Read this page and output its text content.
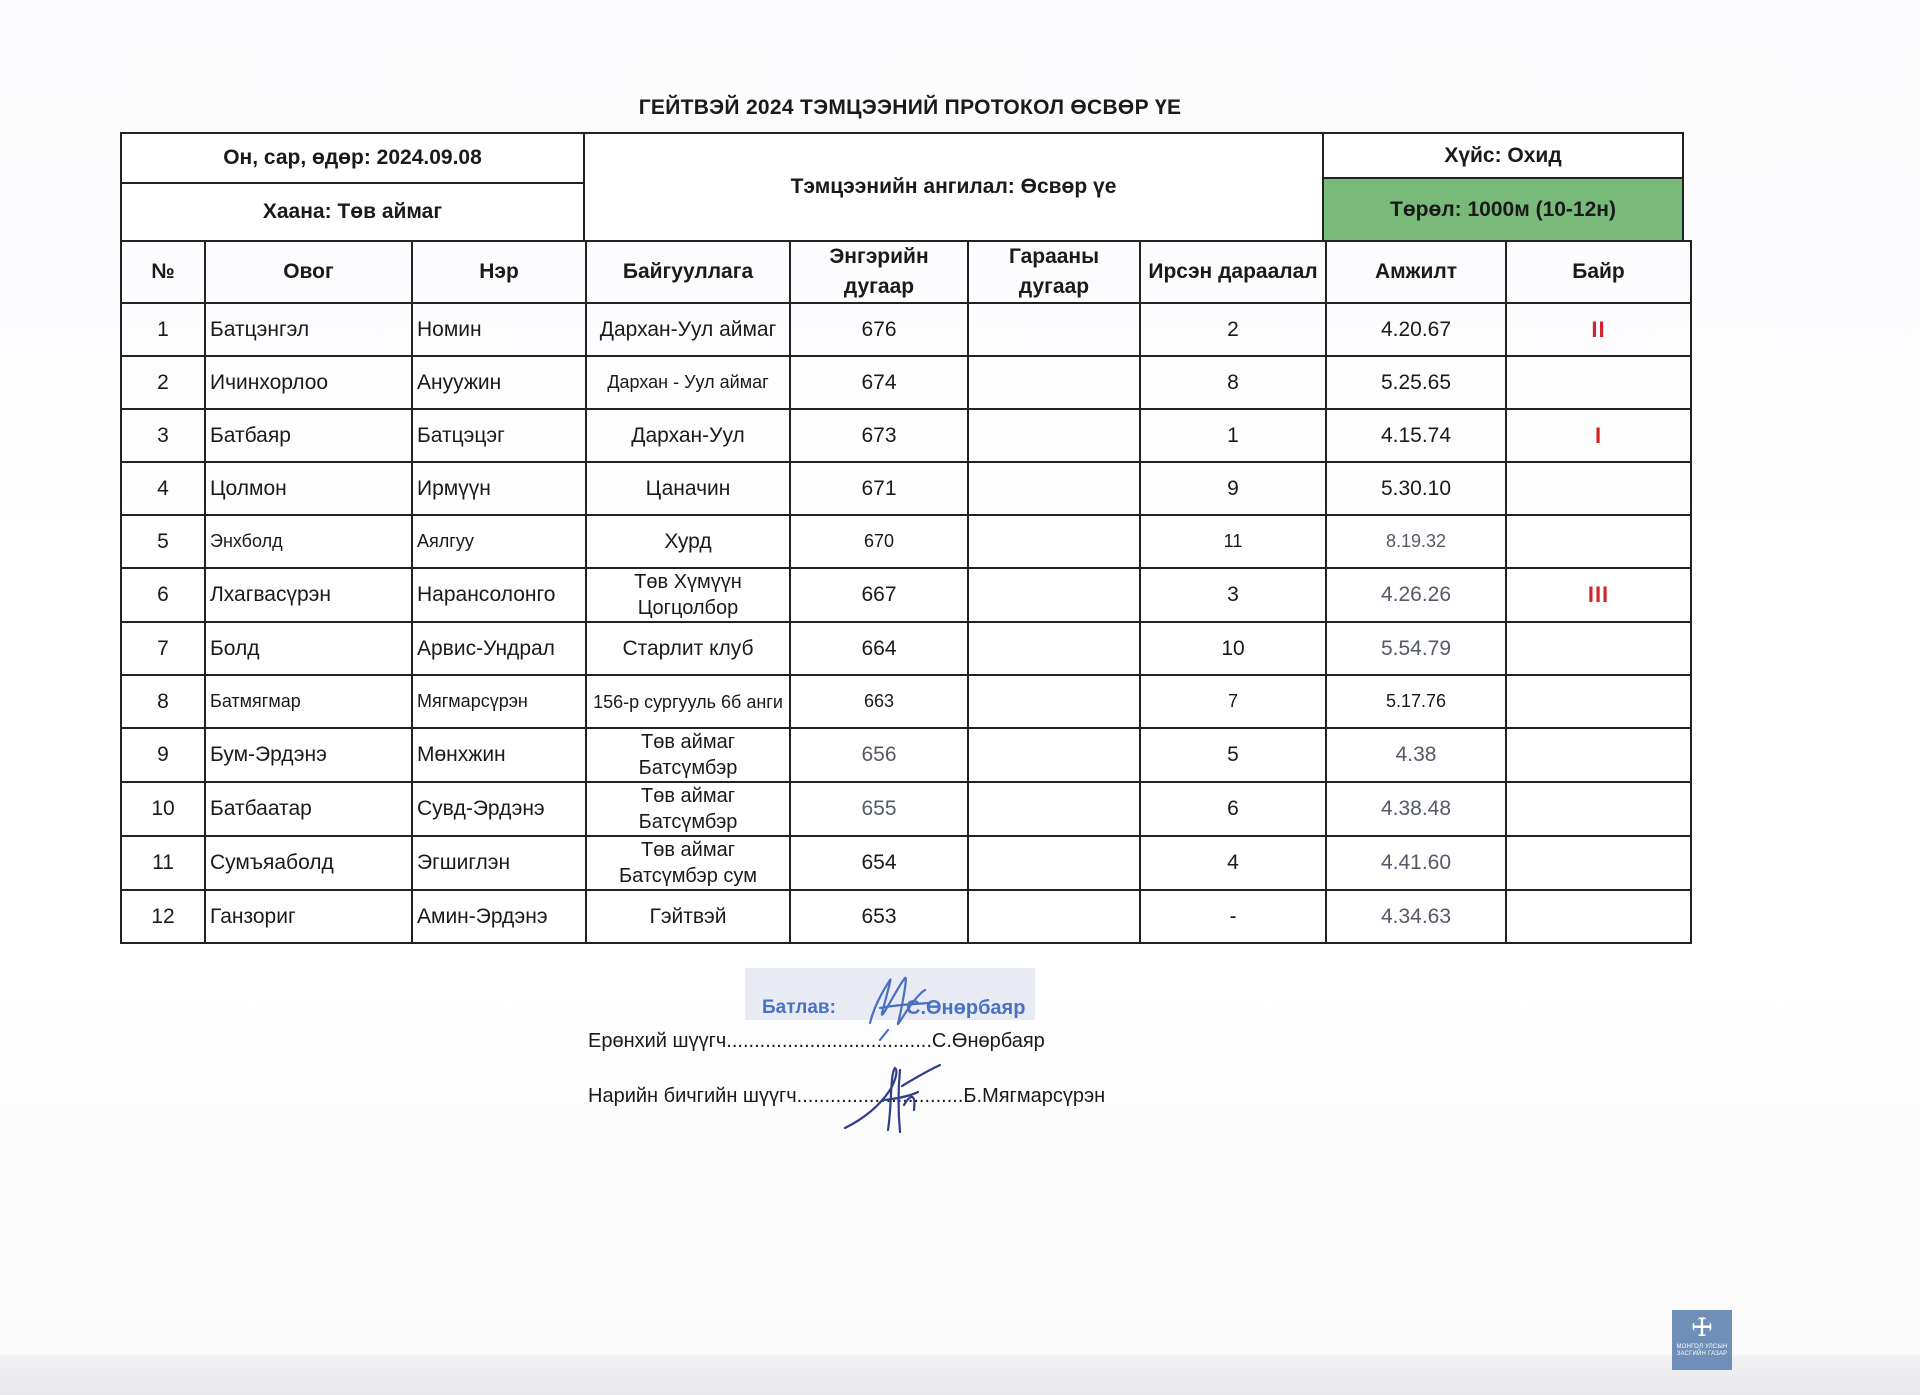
ГЕЙТВЭЙ 2024 ТЭМЦЭЭНИЙ ПРОТОКОЛ ӨСВӨР ҮЕ
Он, сар, өдөр: 2024.09.08
Хаана: Төв аймаг
Тэмцээнийн ангилал: Өсвөр үе
Хүйс: Охид
Төрөл: 1000м (10-12н)
№	Овог	Нэр	Байгууллага	Энгэрийн дугаар	Гарааны дугаар	Ирсэн дараалал	Амжилт	Байр
1	Батцэнгэл	Номин	Дархан-Уул аймаг	676		2	4.20.67	II
2	Ичинхорлоо	Ануужин	Дархан - Уул аймаг	674		8	5.25.65	
3	Батбаяр	Батцэцэг	Дархан-Уул	673		1	4.15.74	I
4	Цолмон	Ирмүүн	Цаначин	671		9	5.30.10	
5	Энхболд	Аялгуу	Хурд	670		11	8.19.32	
6	Лхагвасүрэн	Нарансолонго	Төв Хүмүүн Цогцолбор	667		3	4.26.26	III
7	Болд	Арвис-Ундрал	Старлит клуб	664		10	5.54.79	
8	Батмягмар	Мягмарсүрэн	156-р сургууль 6б анги	663		7	5.17.76	
9	Бум-Эрдэнэ	Мөнхжин	Төв аймаг Батсүмбэр	656		5	4.38	
10	Батбаатар	Сувд-Эрдэнэ	Төв аймаг Батсүмбэр	655		6	4.38.48	
11	Сумъяаболд	Эгшиглэн	Төв аймаг Батсүмбэр сум	654		4	4.41.60	
12	Ганзориг	Амин-Эрдэнэ	Гэйтвэй	653		-	4.34.63	
Батлав:	С.Өнөрбаяр
Ерөнхий шүүгч.....................................С.Өнөрбаяр
Нарийн бичгийн шүүгч..............................Б.Мягмарсүрэн
🜊
МОНГОЛ УЛСЫН ЗАСГИЙН ГАЗАР
